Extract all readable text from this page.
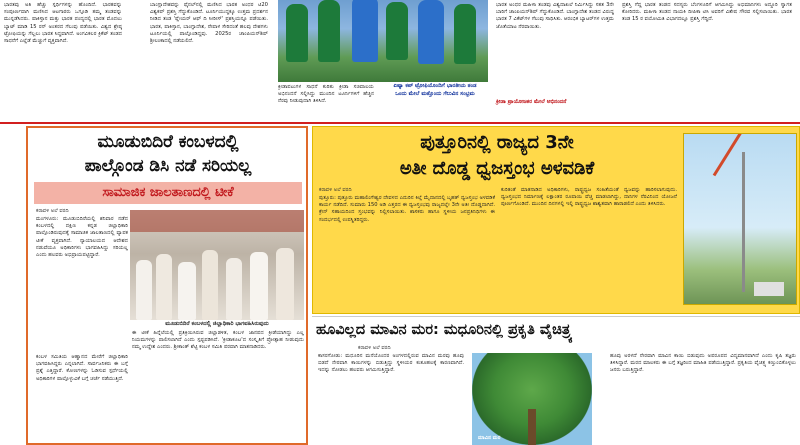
ಭಾರತವು ಅತಿ ಹೆಚ್ಚು ಸ್ಪರ್ಧಿಗಳನ್ನು ಹೊಂದಿದೆ. ಭಾರತವನ್ನು ಸಂಪೂರ್ಣವಾಗಿ ಮಣಿಸಿದ ಆಟಗಾರರು ಒಗ್ಗೂಡಿ ತಮ್ಮ ತಂಡವನ್ನು ಮುನ್ನಡೆಸಿದರು. ಪಾಕಿಸ್ತಾನ ಮತ್ತು ಭಾರತ ಪಂದ್ಯದಲ್ಲಿ ಭಾರತ ಮೊದಲು ಬ್ಯಾಟ್ ಮಾಡಿ 15 ರನ್ ಅಂತರದ ಗೆಲುವು ಪಡೆಯಿತು. ವಿಶ್ವದ ಶ್ರೇಷ್ಠ ಟ್ರೋಫಿಯನ್ನು ಗೆಲ್ಲಲು ಭಾರತ ಸಿದ್ಧವಾಗಿದೆ. ಅಂಗವಿಕಲರ ಕ್ರಿಕೆಟ್ ತಂಡದ ಸಾಧನೆಗೆ ಎಲ್ಲೆಡೆ ಮೆಚ್ಚುಗೆ ವ್ಯಕ್ತವಾಗಿದೆ.
ಬಾಂಗ್ಲಾದೇಶವನ್ನು ಫೈನಲ್‌ನಲ್ಲಿ ಮಣಿಸಿದ ಭಾರತ ಅಂಧರ ಟಿ20 ವಿಶ್ವಕಪ್ ಪ್ರಶಸ್ತಿ ಗೆದ್ದುಕೊಂಡಿದೆ. ಟೂರ್ನಿಯುದ್ದಕ್ಕೂ ಉತ್ತಮ ಪ್ರದರ್ಶನ ನೀಡಿದ ತಂಡ 'ಪ್ಲೇಯರ್ ಆಫ್ ದಿ ಸೀರೀಸ್' ಪ್ರಶಸ್ತಿಯನ್ನೂ ಪಡೆಯಿತು. ಭಾರತ, ಪಾಕಿಸ್ತಾನ, ಬಾಂಗ್ಲಾದೇಶ, ನೇಪಾಳ ಸೇರಿದಂತೆ ಹಲವು ದೇಶಗಳು ಟೂರ್ನಿಯಲ್ಲಿ ಪಾಲ್ಗೊಂಡಿದ್ದವು. 2025ರ ಚಾಂಪಿಯನ್‌ಶಿಪ್ ಶ್ರೀಲಂಕಾದಲ್ಲಿ ನಡೆಯಲಿದೆ.
ಏಷ್ಯಾ ಕಪ್ ಟ್ರೋಫಿಯೊಂದಿಗೆ ಭಾರತೀಯ ತಂಡ
ಒಂದು ಮೇಲೆ ಮತ್ತೊಂದು ಗೆಲುವಿನ ಸಂಭ್ರಮ
ಕ್ರೀಡಾಪಟುಗಳ ಸಾಧನೆ ಕುರಿತು ಕ್ರೀಡಾ ಸಚಿವಾಲಯ ಅಭಿನಂದನೆ ಸಲ್ಲಿಸಿದ್ದು ಮುಂದಿನ ಟೂರ್ನಿಗಳಿಗೆ ಹೆಚ್ಚಿನ ನೆರವು ನೀಡುವುದಾಗಿ ತಿಳಿಸಿದೆ.
ಭಾರತ ಅಂಧರ ಮಹಿಳಾ ತಂಡವು ವಿಶ್ವದಾಖಲೆ ನಿರ್ಮಿಸಿದ್ದು ಸತತ 3ನೇ ಬಾರಿಗೆ ಚಾಂಪಿಯನ್‌ಶಿಪ್ ಗೆದ್ದುಕೊಂಡಿದೆ. ಬಾಂಗ್ಲಾದೇಶ ತಂಡದ ವಿರುದ್ಧ ಭಾರತ 7 ವಿಕೆಟ್‌ಗಳ ಗೆಲುವು ಸಾಧಿಸಿತು. ಆರಂಭಿಕ ಬ್ಯಾಟರ್‌ಗಳ ಉತ್ತಮ ಜೊತೆಯಾಟ ನೆರವಾಯಿತು.
ಕ್ರೀಡಾ ಪ್ರಾಯೋಜಕರ ಮೇಲೆ ಅಭಿನಂದನೆ
ಪ್ರಶಸ್ತಿ ಗೆದ್ದ ಭಾರತ ತಂಡದ ಸದಸ್ಯರು ಬೆಂಗಳೂರಿಗೆ ಆಗಮಿಸಿದ್ದು ಅಭಿಮಾನಿಗಳು ಅದ್ದೂರಿ ಸ್ವಾಗತ ಕೋರಿದರು. ಮಹಿಳಾ ತಂಡದ ನಾಯಕಿ ದೀಪಿಕಾ ಟಿಸಿ ಅವರಿಗೆ ವಿಶೇಷ ಗೌರವ ಸಲ್ಲಿಸಲಾಯಿತು. ಭಾರತ ತಂಡ 15 ರ ವಯೋಮಿತಿ ವಿಭಾಗದಲ್ಲೂ ಪ್ರಶಸ್ತಿ ಗೆದ್ದಿದೆ.
ಮೂಡುಬಿದಿರೆ ಕಂಬಳದಲ್ಲಿ
ಪಾಲ್ಗೊಂಡ ಡಿಸಿ ನಡೆ ಸರಿಯಲ್ಲ
ಸಾಮಾಜಿಕ ಜಾಲತಾಣದಲ್ಲಿ ಟೀಕೆ
ಕರಾವಳಿ ಅಲೆ ವರದಿ
ಮಂಗಳೂರು: ಮೂಡುಬಿದಿರೆಯಲ್ಲಿ ಶನಿವಾರ ನಡೆದ ಕಂಬಳದಲ್ಲಿ ದಕ್ಷಿಣ ಕನ್ನಡ ಜಿಲ್ಲಾಧಿಕಾರಿ ಪಾಲ್ಗೊಂಡಿರುವುದಕ್ಕೆ ಸಾಮಾಜಿಕ ಜಾಲತಾಣದಲ್ಲಿ ವ್ಯಾಪಕ ಟೀಕೆ ವ್ಯಕ್ತವಾಗಿದೆ. ನ್ಯಾಯಾಲಯದ ಆದೇಶದ ನಡುವೆಯೂ ಅಧಿಕಾರಿಗಳು ಭಾಗವಹಿಸಿದ್ದು ಸರಿಯಲ್ಲ ಎಂದು ಹಲವರು ಅಭಿಪ್ರಾಯಪಟ್ಟಿದ್ದಾರೆ.
ಮೂಡುಬಿದಿರೆ ಕಂಬಳದಲ್ಲಿ ಜಿಲ್ಲಾಧಿಕಾರಿ ಭಾಗವಹಿಸಿರುವುದು
ಕಂಬಳ ಸಮಿತಿಯ ಆಹ್ವಾನದ ಮೇರೆಗೆ ಜಿಲ್ಲಾಧಿಕಾರಿ ಭಾಗವಹಿಸಿದ್ದರು ಎನ್ನಲಾಗಿದೆ. ಸಾರ್ವಜನಿಕರು ಈ ಬಗ್ಗೆ ಪ್ರಶ್ನೆ ಎತ್ತಿದ್ದಾರೆ. ಕೋಣಗಳನ್ನು ಓಡಿಸುವ ಸ್ಪರ್ಧೆಯಲ್ಲಿ ಅಧಿಕಾರಿಗಳ ಪಾಲ್ಗೊಳ್ಳುವಿಕೆ ಬಗ್ಗೆ ಚರ್ಚೆ ನಡೆಯುತ್ತಿದೆ.
ಈ ಟೀಕೆ ಹಿನ್ನೆಲೆಯಲ್ಲಿ ಪ್ರತಿಕ್ರಿಯಿಸಿರುವ ಜಿಲ್ಲಾಡಳಿತ, ಕಂಬಳ ಜಾನಪದ ಕ್ರೀಡೆಯಾಗಿದ್ದು ಎಲ್ಲ ನಿಯಮಗಳನ್ನು ಪಾಲಿಸಲಾಗಿದೆ ಎಂದು ಸ್ಪಷ್ಟಪಡಿಸಿದೆ. 'ಕ್ರೀಡಾಕೂಟ'ದ ಸಂಸ್ಕೃತಿಗೆ ಪ್ರೋತ್ಸಾಹ ನೀಡುವುದು ನಮ್ಮ ಉದ್ದೇಶ ಎಂದರು. ಶ್ರೀಕಾಂತ್ ಶೆಟ್ಟಿ ಕಂಬಳ ಸಮಿತಿ ಪರವಾಗಿ ಮಾತನಾಡಿದರು.
ಪುತ್ತೂರಿನಲ್ಲಿ ರಾಜ್ಯದ 3ನೇ
ಅತೀ ದೊಡ್ಡ ಧ್ವಜಸ್ತಂಭ ಅಳವಡಿಕೆ
ಕರಾವಳಿ ಅಲೆ ವರದಿ
ಪುತ್ತೂರು: ಪುತ್ತೂರು ಮಹಾಲಿಂಗೇಶ್ವರ ದೇವಳದ ಎದುರಿನ ಕಿಲ್ಲೆ ಮೈದಾನದಲ್ಲಿ ಬೃಹತ್ ಧ್ವಜಸ್ತಂಭ ಅಳವಡಿಕೆ ಕಾರ್ಯ ನಡೆದಿದೆ. ಸುಮಾರು 150 ಅಡಿ ಎತ್ತರದ ಈ ಧ್ವಜಸ್ತಂಭವು ರಾಜ್ಯದಲ್ಲೇ 3ನೇ ಅತೀ ದೊಡ್ಡದಾಗಿದೆ. ಕ್ರೇನ್ ಸಹಾಯದಿಂದ ಸ್ತಂಭವನ್ನು ನಿಲ್ಲಿಸಲಾಯಿತು. ಶಾಸಕರು ಹಾಗೂ ಸ್ಥಳೀಯ ಜನಪ್ರತಿನಿಧಿಗಳು ಈ ಸಂದರ್ಭದಲ್ಲಿ ಉಪಸ್ಥಿತರಿದ್ದರು.
ಕುರಿತಂತೆ ಮಾತನಾಡಿದ ಅಧಿಕಾರಿಗಳು, ರಾಷ್ಟ್ರಧ್ವಜ ಸಂಹಿತೆಯಂತೆ ಧ್ವಜವನ್ನು ಹಾರಿಸಲಾಗುವುದು. ಧ್ವಜಸ್ತಂಭದ ನಿರ್ಮಾಣಕ್ಕೆ ಲಕ್ಷಾಂತರ ರೂಪಾಯಿ ವೆಚ್ಚ ಮಾಡಲಾಗಿದ್ದು, ದಾನಿಗಳ ನೆರವಿನಿಂದ ಯೋಜನೆ ಪೂರ್ಣಗೊಂಡಿದೆ. ಮುಂದಿನ ದಿನಗಳಲ್ಲಿ ಇಲ್ಲಿ ರಾಷ್ಟ್ರಧ್ವಜ ಶಾಶ್ವತವಾಗಿ ಹಾರಾಡಲಿದೆ ಎಂದು ತಿಳಿಸಿದರು.
ಹೂವಿಲ್ಲದ ಮಾವಿನ ಮರ: ಮಧೂರಿನಲ್ಲಿ ಪ್ರಕೃತಿ ವೈಚಿತ್ರ್ಯ
ಕರಾವಳಿ ಅಲೆ ವರದಿ
ಕಾಸರಗೋಡು: ಮಧೂರಿನ ಮನೆಯೊಂದರ ಅಂಗಳದಲ್ಲಿರುವ ಮಾವಿನ ಮರವು ಹೂವು ಬಿಡದೆ ನೇರವಾಗಿ ಕಾಯಿಗಳನ್ನು ಬಿಡುತ್ತಿದ್ದು ಸ್ಥಳೀಯರ ಕುತೂಹಲಕ್ಕೆ ಕಾರಣವಾಗಿದೆ. ಇದನ್ನು ನೋಡಲು ಹಲವರು ಆಗಮಿಸುತ್ತಿದ್ದಾರೆ.
ಮಾವಿನ ಮರ
ಹೂವು ಅರಳದೆ ನೇರವಾಗಿ ಮಾವಿನ ಕಾಯಿ ಬಿಡುವುದು ಅಪರೂಪದ ವಿದ್ಯಮಾನವಾಗಿದೆ ಎಂದು ಕೃಷಿ ತಜ್ಞರು ತಿಳಿಸಿದ್ದಾರೆ. ಮರದ ಮಾಲಕರು ಈ ಬಗ್ಗೆ ತಜ್ಞರಿಂದ ಮಾಹಿತಿ ಪಡೆಯುತ್ತಿದ್ದಾರೆ. ಪ್ರಕೃತಿಯ ವೈಚಿತ್ರ್ಯ ಕಣ್ತುಂಬಿಕೊಳ್ಳಲು ಜನರು ಬರುತ್ತಿದ್ದಾರೆ.
